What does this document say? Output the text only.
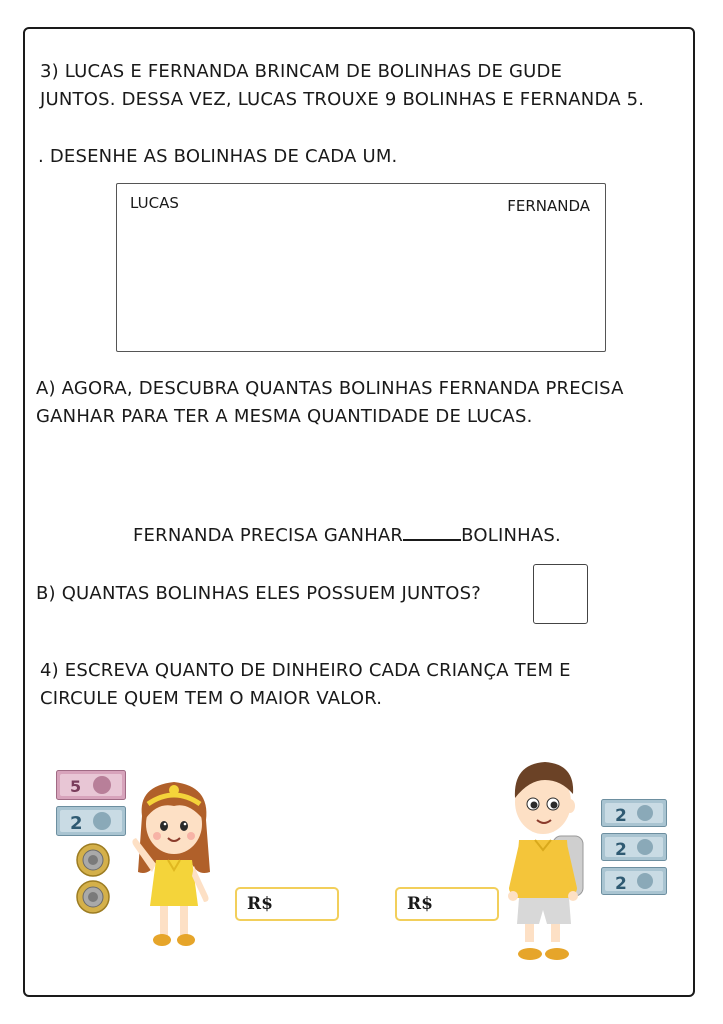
3) LUCAS E FERNANDA BRINCAM DE BOLINHAS DE GUDE
JUNTOS. DESSA VEZ, LUCAS TROUXE 9 BOLINHAS E FERNANDA 5.
. DESENHE AS BOLINHAS DE CADA UM.
LUCAS	FERNANDA
A) AGORA, DESCUBRA QUANTAS BOLINHAS FERNANDA PRECISA
GANHAR PARA TER A MESMA QUANTIDADE DE LUCAS.
FERNANDA PRECISA GANHAR	BOLINHAS.
B) QUANTAS BOLINHAS ELES POSSUEM JUNTOS?
4) ESCREVA QUANTO DE DINHEIRO CADA CRIANÇA TEM E
CIRCULE QUEM TEM O MAIOR VALOR.
5
2
R$	R$
2
2
2
